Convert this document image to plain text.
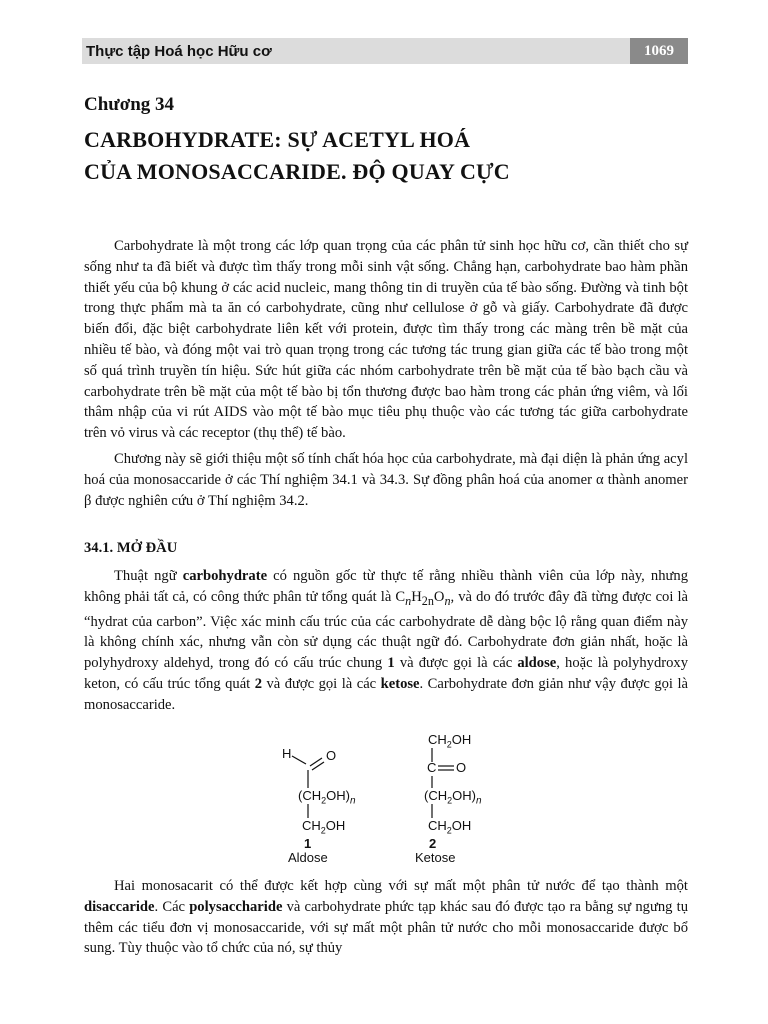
Thực tập Hoá học Hữu cơ	1069
Chương 34
CARBOHYDRATE: SỰ ACETYL HOÁ
CỦA MONOSACCARIDE. ĐỘ QUAY CỰC

Carbohydrate là một trong các lớp quan trọng của các phân tử sinh học hữu cơ, cần thiết cho sự sống như ta đã biết và được tìm thấy trong mỗi sinh vật sống. Chẳng hạn, carbohydrate bao hàm phần thiết yếu của bộ khung ở các acid nucleic, mang thông tin di truyền của tế bào sống. Đường và tinh bột trong thực phẩm mà ta ăn có carbohydrate, cũng như cellulose ở gỗ và giấy. Carbohydrate đã được biến đổi, đặc biệt carbohydrate liên kết với protein, được tìm thấy trong các màng trên bề mặt của nhiều tế bào, và đóng một vai trò quan trọng trong các tương tác trung gian giữa các tế bào trong một số quá trình truyền tín hiệu. Sức hút giữa các nhóm carbohydrate trên bề mặt của tế bào bạch cầu và carbohydrate trên bề mặt của một tế bào bị tổn thương được bao hàm trong các phản ứng viêm, và lối thâm nhập của vi rút AIDS vào một tế bào mục tiêu phụ thuộc vào các tương tác giữa carbohydrate trên vỏ virus và các receptor (thụ thể) tế bào.

Chương này sẽ giới thiệu một số tính chất hóa học của carbohydrate, mà đại diện là phản ứng acyl hoá của monosaccaride ở các Thí nghiệm 34.1 và 34.3. Sự đồng phân hoá của anomer α thành anomer β được nghiên cứu ở Thí nghiệm 34.2.

34.1. MỞ ĐẦU

Thuật ngữ carbohydrate có nguồn gốc từ thực tế rằng nhiều thành viên của lớp này, nhưng không phải tất cả, có công thức phân tử tổng quát là $C_nH_{2n}O_n$, và do đó trước đây đã từng được coi là “hydrat của carbon”. Việc xác minh cấu trúc của các carbohydrate dễ dàng bộc lộ rằng quan điểm này là không chính xác, nhưng vẫn còn sử dụng các thuật ngữ đó. Carbohydrate đơn giản nhất, hoặc là polyhydroxy aldehyd, trong đó có cấu trúc chung 1 và được gọi là các aldose, hoặc là polyhydroxy keton, có cấu trúc tổng quát 2 và được gọi là các ketose. Carbohydrate đơn giản như vậy được gọi là monosaccaride.

H	O
$(CH_2OH)_n$
$CH_2OH$
1
Aldose
$CH_2OH$
C O
$(CH_2OH)_n$
$CH_2OH$
2
Ketose

Hai monosacarit có thể được kết hợp cùng với sự mất một phân tử nước để tạo thành một disaccaride. Các polysaccharide và carbohydrate phức tạp khác sau đó được tạo ra bằng sự ngưng tụ thêm các tiểu đơn vị monosaccaride, với sự mất một phân tử nước cho mỗi monosaccaride được bổ sung. Tùy thuộc vào tổ chức của nó, sự thủy
